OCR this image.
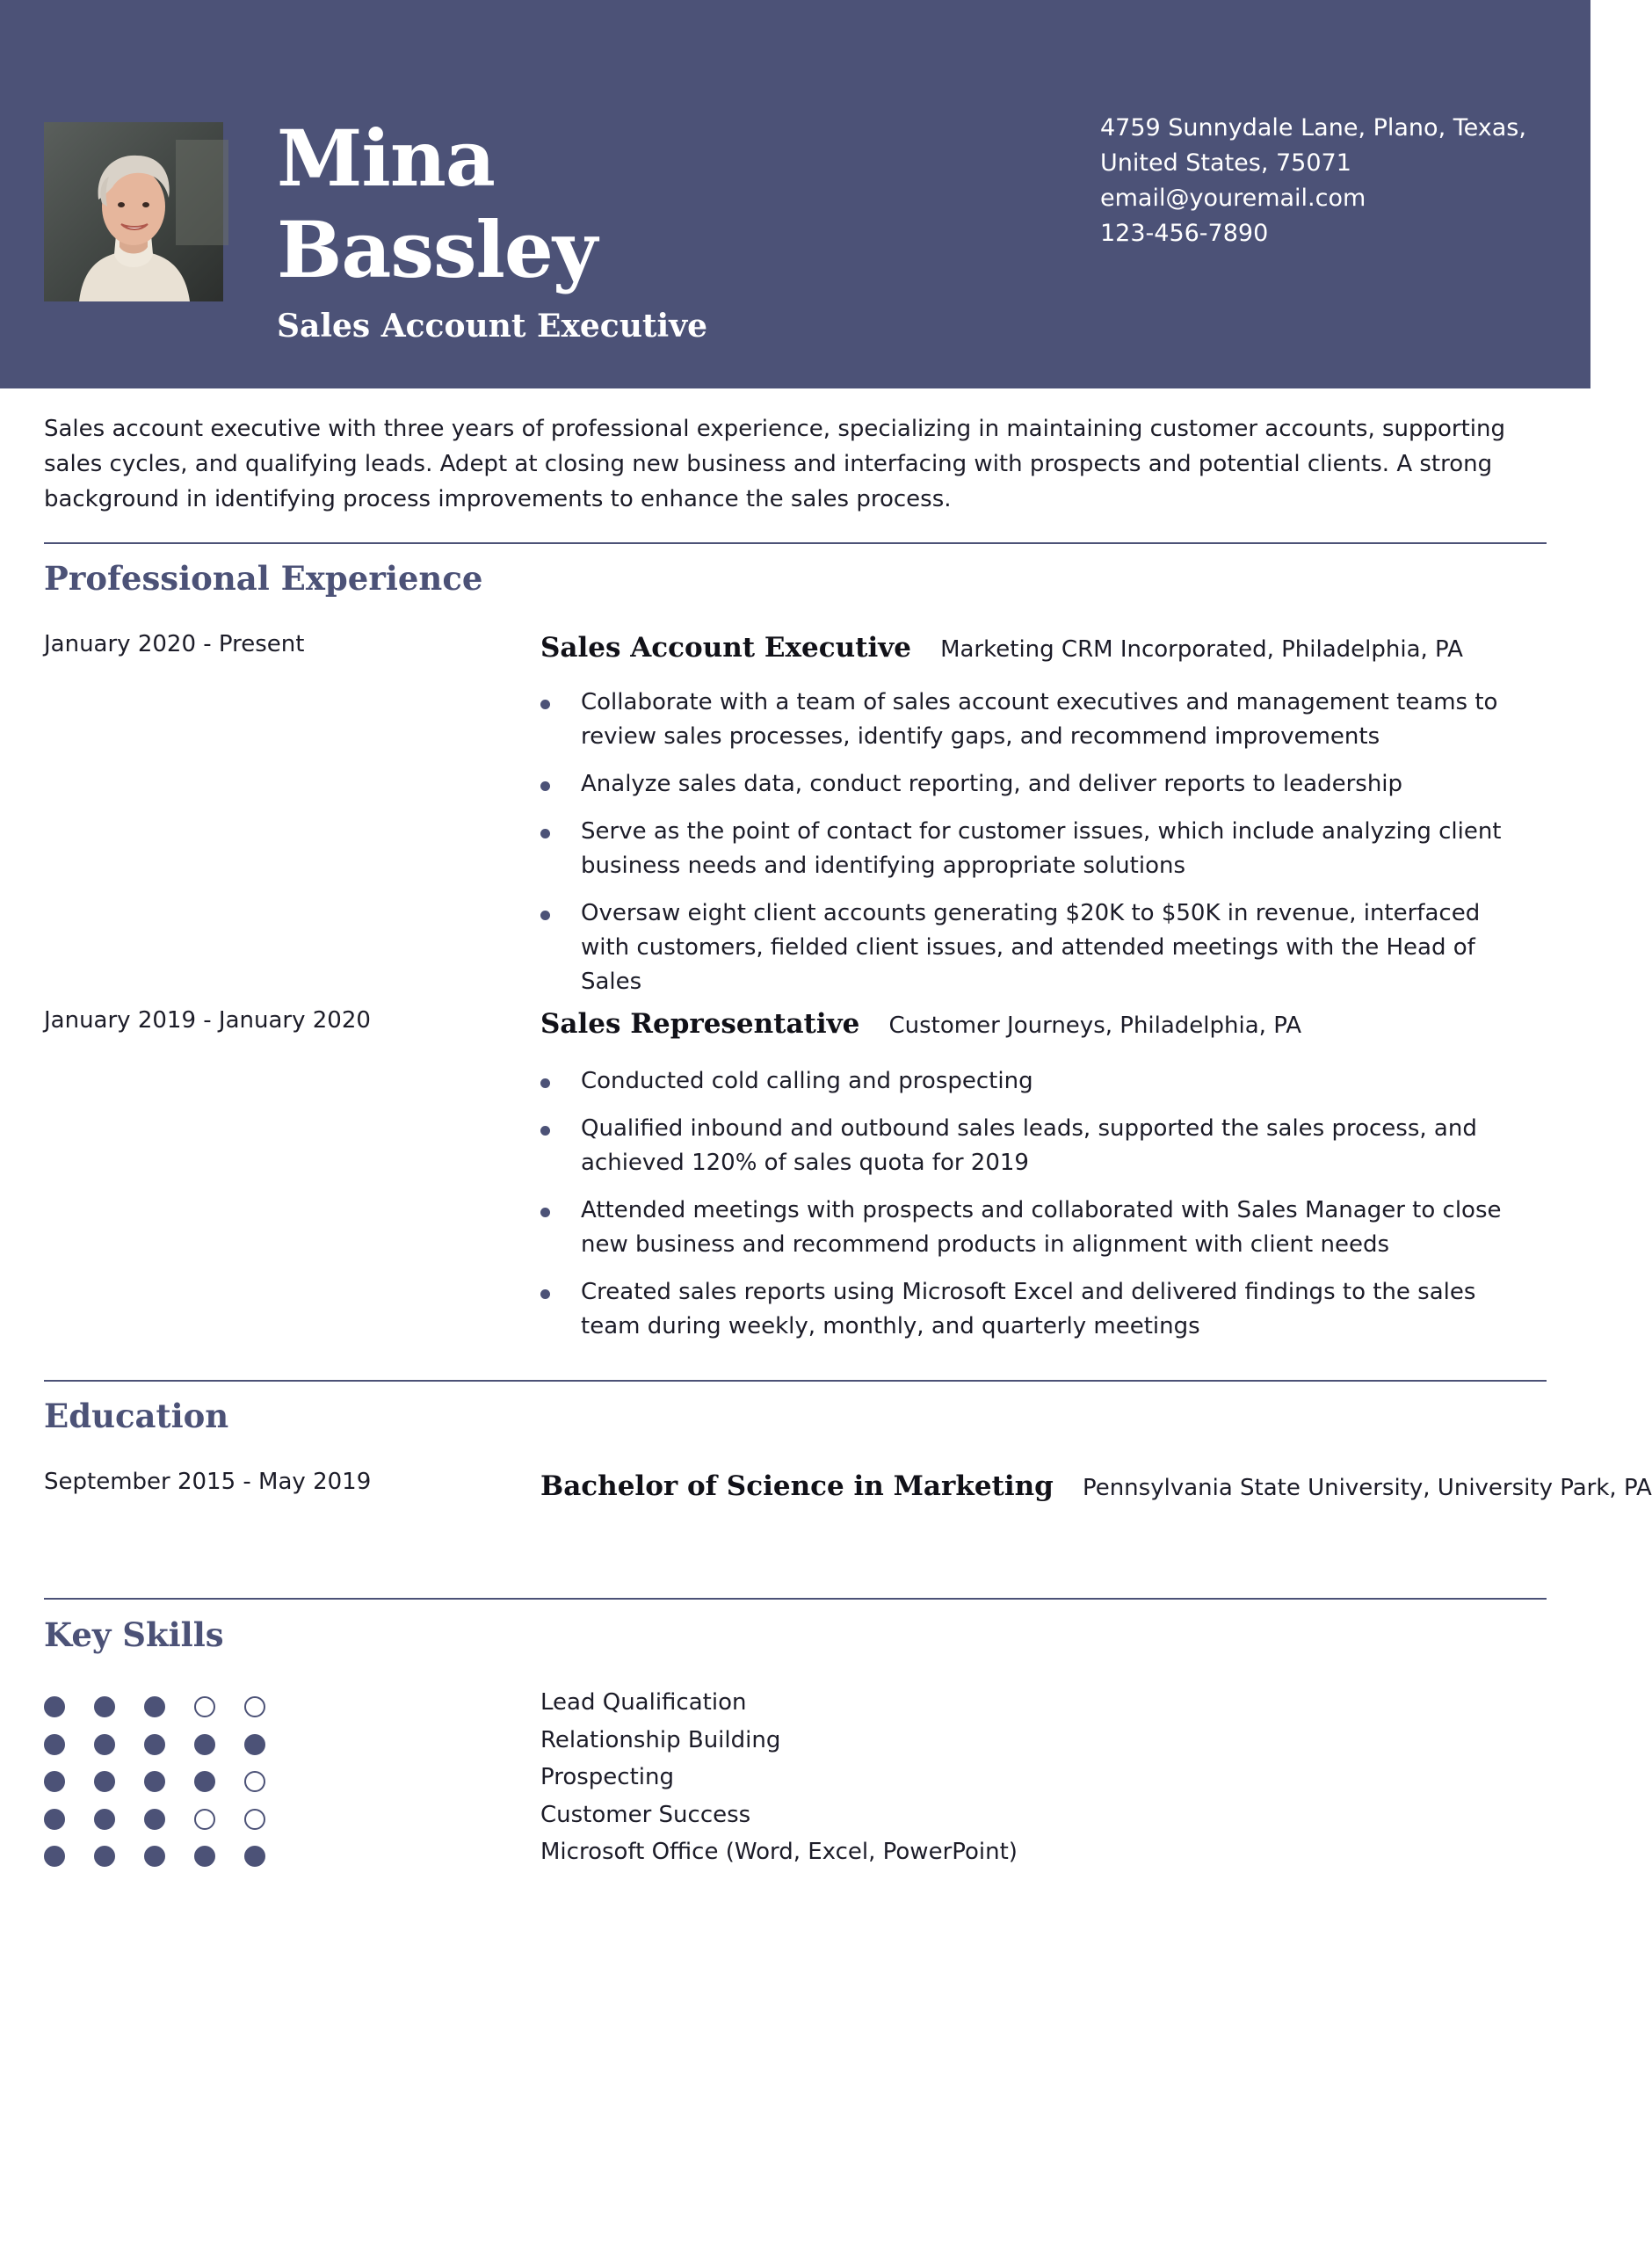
Mina
Bassley
Sales Account Executive
4759 Sunnydale Lane, Plano, Texas,
United States, 75071
email@youremail.com
123-456-7890
Sales account executive with three years of professional experience, specializing in maintaining customer accounts, supporting sales cycles, and qualifying leads. Adept at closing new business and interfacing with prospects and potential clients. A strong background in identifying process improvements to enhance the sales process.
Professional Experience
January 2020 - Present	Sales Account Executive Marketing CRM Incorporated, Philadelphia, PA
Collaborate with a team of sales account executives and management teams to review sales processes, identify gaps, and recommend improvements
Analyze sales data, conduct reporting, and deliver reports to leadership
Serve as the point of contact for customer issues, which include analyzing client business needs and identifying appropriate solutions
Oversaw eight client accounts generating $20K to $50K in revenue, interfaced with customers, fielded client issues, and attended meetings with the Head of Sales
January 2019 - January 2020	Sales Representative Customer Journeys, Philadelphia, PA
Conducted cold calling and prospecting
Qualified inbound and outbound sales leads, supported the sales process, and achieved 120% of sales quota for 2019
Attended meetings with prospects and collaborated with Sales Manager to close new business and recommend products in alignment with client needs
Created sales reports using Microsoft Excel and delivered findings to the sales team during weekly, monthly, and quarterly meetings
Education
September 2015 - May 2019	Bachelor of Science in Marketing Pennsylvania State University, University Park, PA
Key Skills
Lead Qualification
Relationship Building
Prospecting
Customer Success
Microsoft Office (Word, Excel, PowerPoint)
